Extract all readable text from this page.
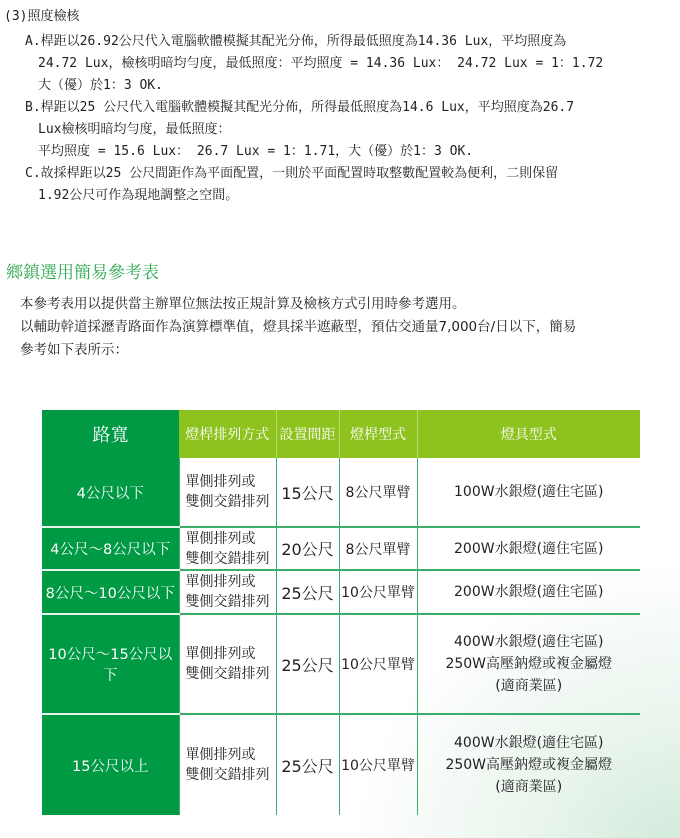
(3)照度檢核
A.桿距以26.92公尺代入電腦軟體模擬其配光分佈，所得最低照度為14.36 Lux，平均照度為
24.72 Lux，檢核明暗均勻度，最低照度：平均照度 = 14.36 Lux： 24.72 Lux = 1：1.72
大（優）於1：3 OK.
B.桿距以25 公尺代入電腦軟體模擬其配光分佈，所得最低照度為14.6 Lux，平均照度為26.7
Lux檢核明暗均勻度，最低照度：
平均照度 = 15.6 Lux： 26.7 Lux = 1：1.71，大（優）於1：3 OK.
C.故採桿距以25 公尺間距作為平面配置，一則於平面配置時取整數配置較為便利，二則保留
1.92公尺可作為現地調整之空間。
鄉鎮選用簡易參考表
本參考表用以提供當主辦單位無法按正規計算及檢核方式引用時參考選用。
以輔助幹道採瀝青路面作為演算標準值，燈具採半遮蔽型，預估交通量7,000台/日以下，簡易
參考如下表所示：
路寬	燈桿排列方式	設置間距	燈桿型式	燈具型式
4公尺以下	單側排列或
雙側交錯排列	15公尺	8公尺單臂	100W水銀燈(適住宅區)
4公尺～8公尺以下	單側排列或
雙側交錯排列	20公尺	8公尺單臂	200W水銀燈(適住宅區)
8公尺～10公尺以下	單側排列或
雙側交錯排列	25公尺	10公尺單臂	200W水銀燈(適住宅區)
10公尺～15公尺以下	單側排列或
雙側交錯排列	25公尺	10公尺單臂	400W水銀燈(適住宅區)
250W高壓鈉燈或複金屬燈
(適商業區)
15公尺以上	單側排列或
雙側交錯排列	25公尺	10公尺單臂	400W水銀燈(適住宅區)
250W高壓鈉燈或複金屬燈
(適商業區)
